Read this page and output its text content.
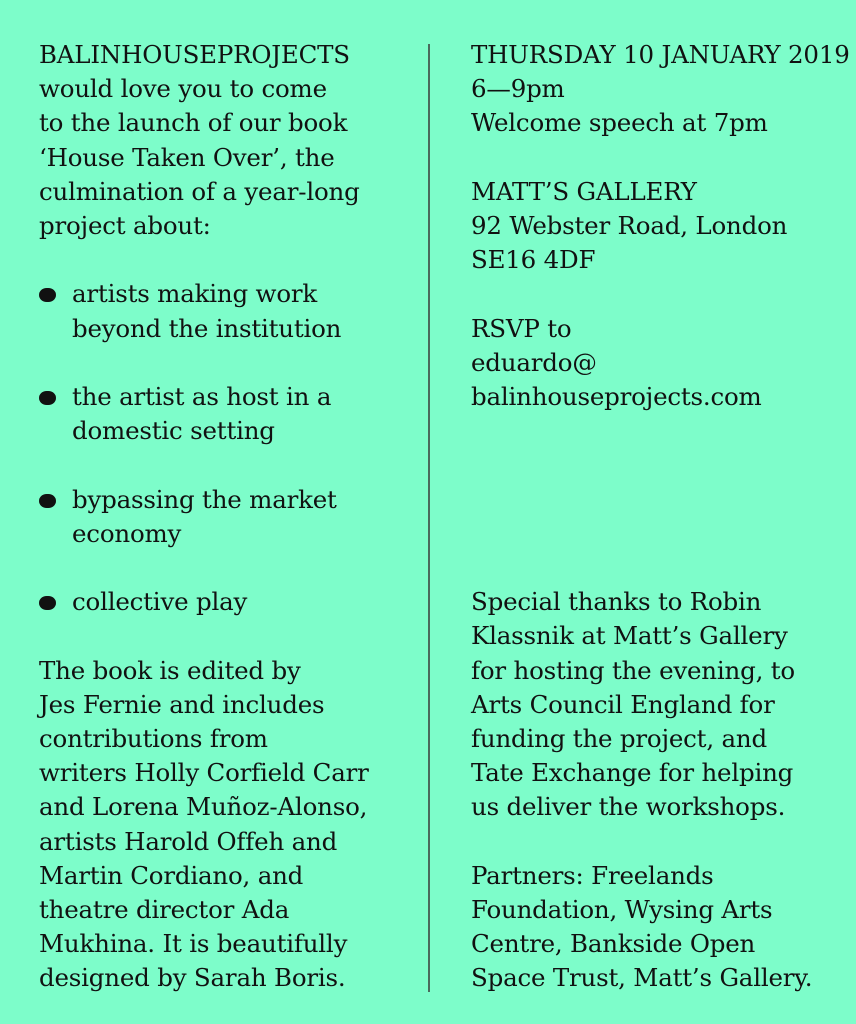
BALINHOUSEPROJECTS
would love you to come
to the launch of our book
‘House Taken Over’, the
culmination of a year-long
project about:
artists making work
beyond the institution
the artist as host in a
domestic setting
bypassing the market
economy
collective play
The book is edited by
Jes Fernie and includes
contributions from
writers Holly Corfield Carr
and Lorena Muñoz-Alonso,
artists Harold Offeh and
Martin Cordiano, and
theatre director Ada
Mukhina. It is beautifully
designed by Sarah Boris.
THURSDAY 10 JANUARY 2019
6—9pm
Welcome speech at 7pm
MATT’S GALLERY
92 Webster Road, London
SE16 4DF
RSVP to
eduardo@
balinhouseprojects.com
Special thanks to Robin
Klassnik at Matt’s Gallery
for hosting the evening, to
Arts Council England for
funding the project, and
Tate Exchange for helping
us deliver the workshops.
Partners: Freelands
Foundation, Wysing Arts
Centre, Bankside Open
Space Trust, Matt’s Gallery.
